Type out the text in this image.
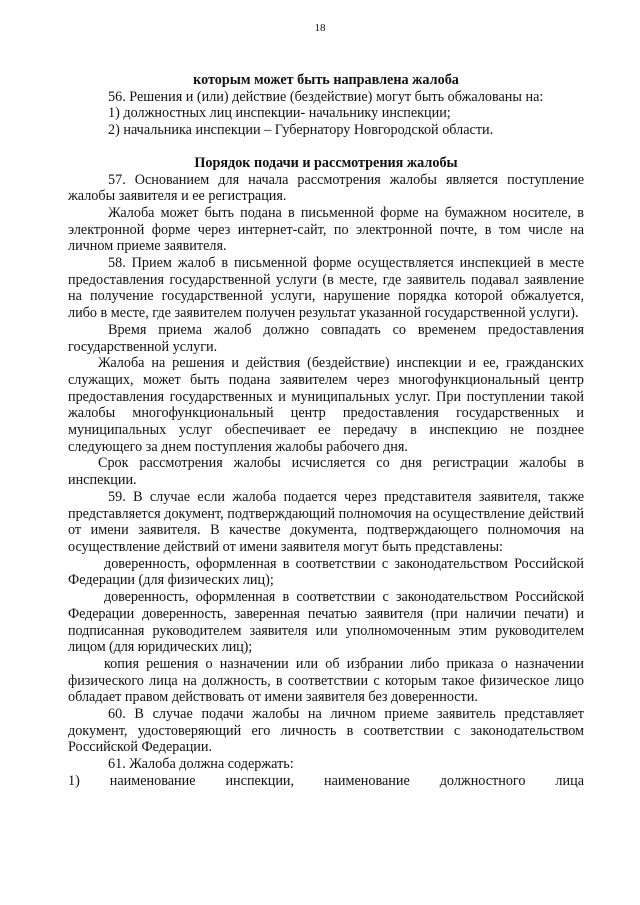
18

которым может быть направлена жалоба

56. Решения и (или) действие (бездействие) могут быть обжалованы на:

1) должностных лиц инспекции- начальнику инспекции;

2) начальника инспекции – Губернатору Новгородской области.

Порядок подачи и рассмотрения жалобы

57. Основанием для начала рассмотрения жалобы является поступление жалобы заявителя и ее регистрация.

Жалоба может быть подана в письменной форме на бумажном носителе, в электронной форме через интернет-сайт, по электронной почте, в том числе на личном приеме заявителя.

58. Прием жалоб в письменной форме осуществляется инспекцией в месте предоставления государственной услуги (в месте, где заявитель подавал заявление на получение государственной услуги, нарушение порядка которой обжалуется, либо в месте, где заявителем получен результат указанной государственной услуги).

Время приема жалоб должно совпадать со временем предоставления государственной услуги.

Жалоба на решения и действия (бездействие) инспекции и ее, гражданских служащих, может быть подана заявителем через многофункциональный центр предоставления государственных и муниципальных услуг. При поступлении такой жалобы многофункциональный центр предоставления государственных и муниципальных услуг обеспечивает ее передачу в инспекцию не позднее следующего за днем поступления жалобы рабочего дня.

Срок рассмотрения жалобы исчисляется со дня регистрации жалобы в инспекции.

59. В случае если жалоба подается через представителя заявителя, также представляется документ, подтверждающий полномочия на осуществление действий от имени заявителя. В качестве документа, подтверждающего полномочия на осуществление действий от имени заявителя могут быть представлены:

доверенность, оформленная в соответствии с законодательством Российской Федерации (для физических лиц);

доверенность, оформленная в соответствии с законодательством Российской Федерации доверенность, заверенная печатью заявителя (при наличии печати) и подписанная руководителем заявителя или уполномоченным этим руководителем лицом (для юридических лиц);

копия решения о назначении или об избрании либо приказа о назначении физического лица на должность, в соответствии с которым такое физическое лицо обладает правом действовать от имени заявителя без доверенности.

60. В случае подачи жалобы на личном приеме заявитель представляет документ, удостоверяющий его личность в соответствии с законодательством Российской Федерации.

61. Жалоба должна содержать:

1) наименование инспекции, наименование должностного лица
